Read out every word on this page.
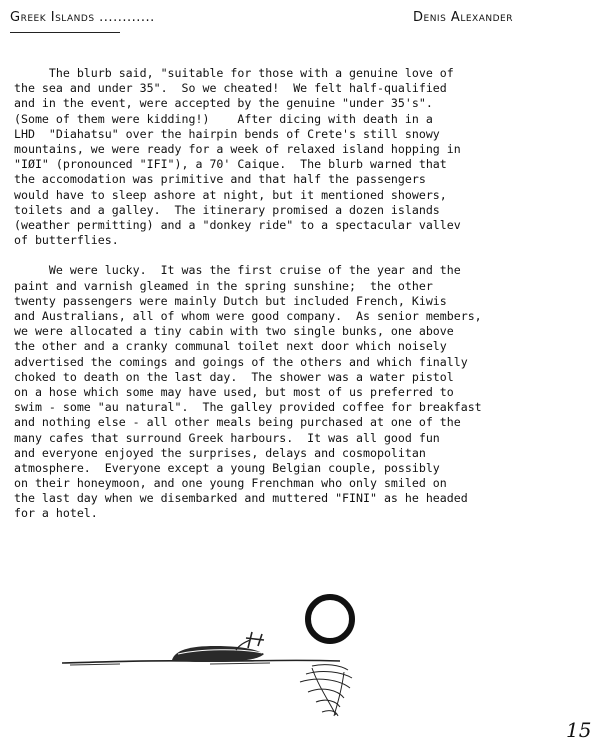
Greek Islands ............	Denis Alexander
The blurb said, "suitable for those with a genuine love of
the sea and under 35".  So we cheated!  We felt half-qualified
and in the event, were accepted by the genuine "under 35's".
(Some of them were kidding!)    After dicing with death in a
LHD  "Diahatsu" over the hairpin bends of Crete's still snowy
mountains, we were ready for a week of relaxed island hopping in
"IØI" (pronounced "IFI"), a 70' Caique.  The blurb warned that
the accomodation was primitive and that half the passengers
would have to sleep ashore at night, but it mentioned showers,
toilets and a galley.  The itinerary promised a dozen islands
(weather permitting) and a "donkey ride" to a spectacular vallev
of butterflies.
We were lucky.  It was the first cruise of the year and the
paint and varnish gleamed in the spring sunshine;  the other
twenty passengers were mainly Dutch but included French, Kiwis
and Australians, all of whom were good company.  As senior members,
we were allocated a tiny cabin with two single bunks, one above
the other and a cranky communal toilet next door which noisely
advertised the comings and goings of the others and which finally
choked to death on the last day.  The shower was a water pistol
on a hose which some may have used, but most of us preferred to
swim - some "au natural".  The galley provided coffee for breakfast
and nothing else - all other meals being purchased at one of the
many cafes that surround Greek harbours.  It was all good fun
and everyone enjoyed the surprises, delays and cosmopolitan
atmosphere.  Everyone except a young Belgian couple, possibly
on their honeymoon, and one young Frenchman who only smiled on
the last day when we disembarked and muttered "FINI" as he headed
for a hotel.
15
